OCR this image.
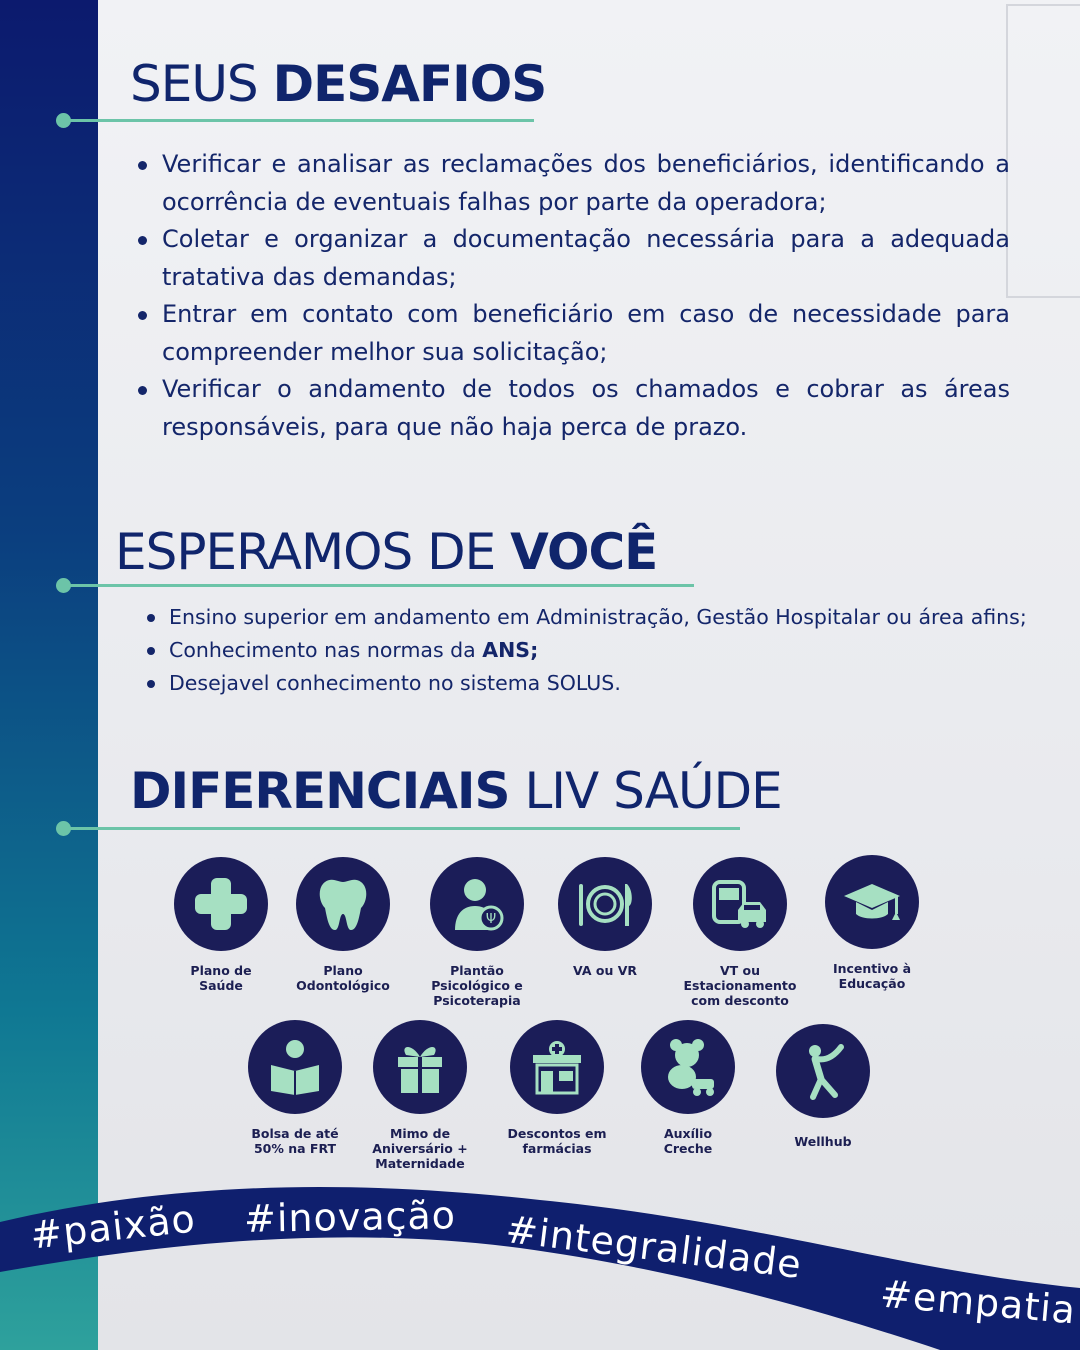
SEUS DESAFIOS
Verificar e analisar as reclamações dos beneficiários, identificando a ocorrência de eventuais falhas por parte da operadora;
Coletar e organizar a documentação necessária para a adequada tratativa das demandas;
Entrar em contato com beneficiário em caso de necessidade para compreender melhor sua solicitação;
Verificar o andamento de todos os chamados e cobrar as áreas responsáveis, para que não haja perca de prazo.
ESPERAMOS DE VOCÊ
Ensino superior em andamento em Administração, Gestão Hospitalar ou área afins;
Conhecimento nas normas da ANS;
Desejavel conhecimento no sistema SOLUS.
DIFERENCIAIS LIV SAÚDE
Plano de
Saúde
Plano
Odontológico
Ψ
Plantão
Psicológico e
Psicoterapia
VA ou VR	VT ou
Estacionamento
com desconto
Incentivo à
Educação
Bolsa de até
50% na FRT
Mimo de
Aniversário +
Maternidade
Descontos em
farmácias
Auxílio
Creche	Wellhub
#paixão #inovação #integralidade
#empatia
